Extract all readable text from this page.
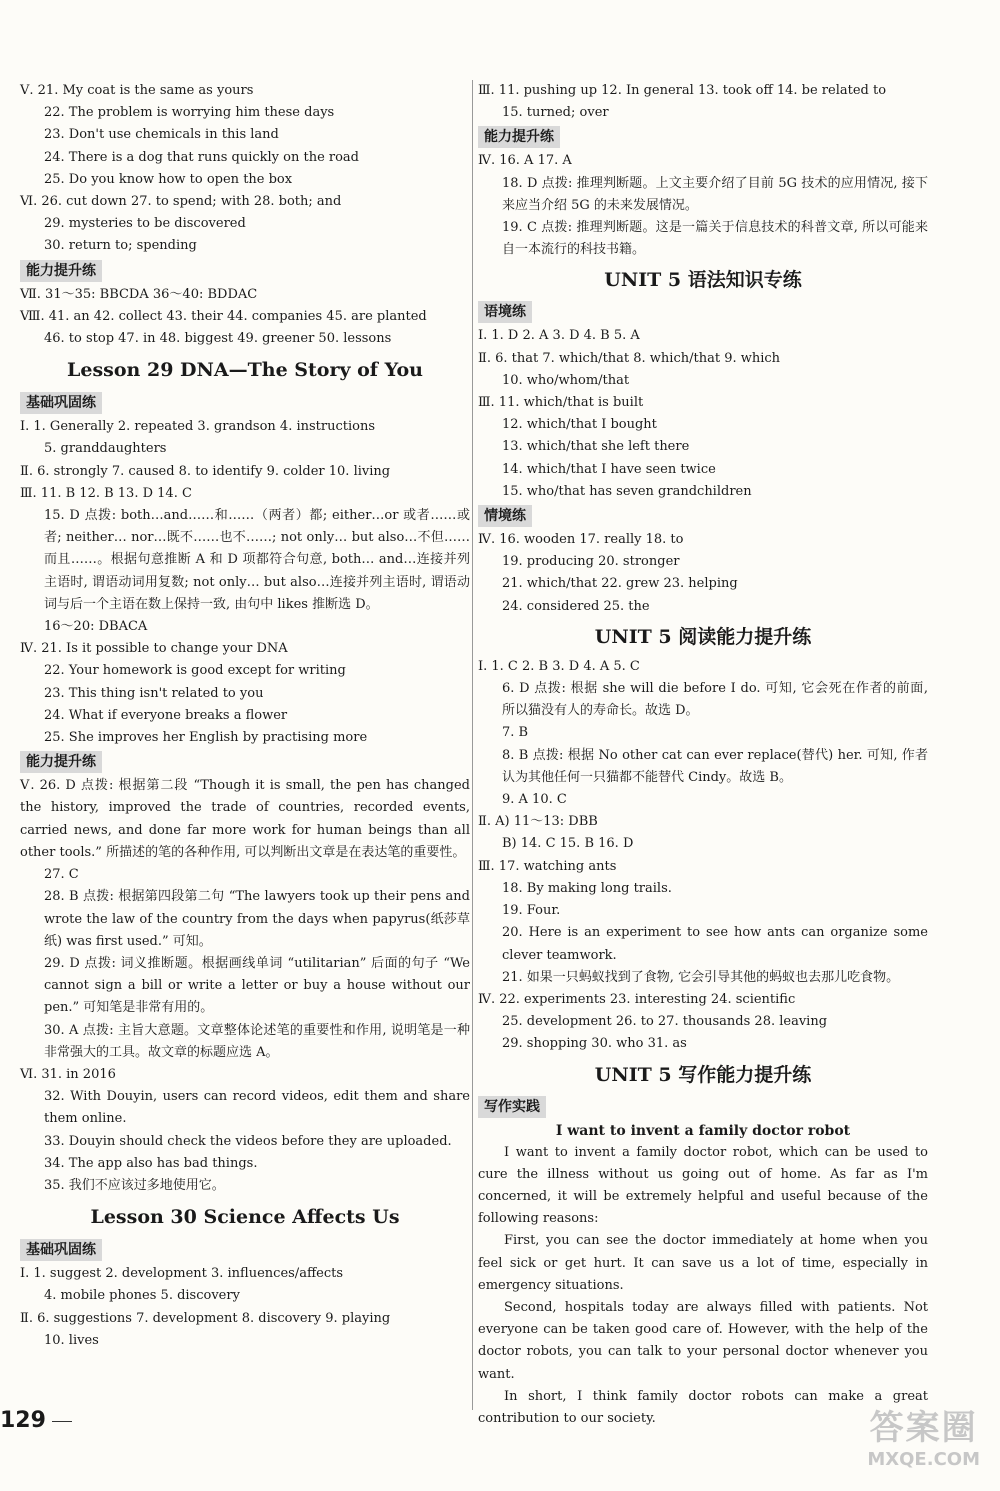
Ⅴ. 21. My coat is the same as yours
22. The problem is worrying him these days
23. Don't use chemicals in this land
24. There is a dog that runs quickly on the road
25. Do you know how to open the box
Ⅵ. 26. cut down 27. to spend; with 28. both; and
29. mysteries to be discovered
30. return to; spending
能力提升练
Ⅶ. 31～35: BBCDA 36～40: BDDAC
Ⅷ. 41. an 42. collect 43. their 44. companies 45. are planted
46. to stop 47. in 48. biggest 49. greener 50. lessons
Lesson 29 DNA—The Story of You
基础巩固练
Ⅰ. 1. Generally 2. repeated 3. grandson 4. instructions
5. granddaughters
Ⅱ. 6. strongly 7. caused 8. to identify 9. colder 10. living
Ⅲ. 11. B 12. B 13. D 14. C
15. D 点拨: both…and……和……（两者）都; either…or 或者……或者; neither… nor…既不……也不……; not only… but also…不但……而且……。根据句意推断 A 和 D 项都符合句意, both… and…连接并列主语时, 谓语动词用复数; not only… but also…连接并列主语时, 谓语动词与后一个主语在数上保持一致, 由句中 likes 推断选 D。
16～20: DBACA
Ⅳ. 21. Is it possible to change your DNA
22. Your homework is good except for writing
23. This thing isn't related to you
24. What if everyone breaks a flower
25. She improves her English by practising more
能力提升练
Ⅴ. 26. D 点拨: 根据第二段 “Though it is small, the pen has changed the history, improved the trade of countries, recorded events, carried news, and done far more work for human beings than all other tools.” 所描述的笔的各种作用, 可以判断出文章是在表达笔的重要性。
27. C
28. B 点拨: 根据第四段第二句 “The lawyers took up their pens and wrote the law of the country from the days when papyrus(纸莎草纸) was first used.” 可知。
29. D 点拨: 词义推断题。根据画线单词 “utilitarian” 后面的句子 “We cannot sign a bill or write a letter or buy a house without our pen.” 可知笔是非常有用的。
30. A 点拨: 主旨大意题。文章整体论述笔的重要性和作用, 说明笔是一种非常强大的工具。故文章的标题应选 A。
Ⅵ. 31. in 2016
32. With Douyin, users can record videos, edit them and share them online.
33. Douyin should check the videos before they are uploaded.
34. The app also has bad things.
35. 我们不应该过多地使用它。
Lesson 30 Science Affects Us
基础巩固练
Ⅰ. 1. suggest 2. development 3. influences/affects
4. mobile phones 5. discovery
Ⅱ. 6. suggestions 7. development 8. discovery 9. playing
10. lives
Ⅲ. 11. pushing up 12. In general 13. took off 14. be related to
15. turned; over
能力提升练
Ⅳ. 16. A 17. A
18. D 点拨: 推理判断题。上文主要介绍了目前 5G 技术的应用情况, 接下来应当介绍 5G 的未来发展情况。
19. C 点拨: 推理判断题。这是一篇关于信息技术的科普文章, 所以可能来自一本流行的科技书籍。
UNIT 5 语法知识专练
语境练
Ⅰ. 1. D 2. A 3. D 4. B 5. A
Ⅱ. 6. that 7. which/that 8. which/that 9. which
10. who/whom/that
Ⅲ. 11. which/that is built
12. which/that I bought
13. which/that she left there
14. which/that I have seen twice
15. who/that has seven grandchildren
情境练
Ⅳ. 16. wooden 17. really 18. to
19. producing 20. stronger
21. which/that 22. grew 23. helping
24. considered 25. the
UNIT 5 阅读能力提升练
Ⅰ. 1. C 2. B 3. D 4. A 5. C
6. D 点拨: 根据 she will die before I do. 可知, 它会死在作者的前面, 所以猫没有人的寿命长。故选 D。
7. B
8. B 点拨: 根据 No other cat can ever replace(替代) her. 可知, 作者认为其他任何一只猫都不能替代 Cindy。故选 B。
9. A 10. C
Ⅱ. A) 11～13: DBB
B) 14. C 15. B 16. D
Ⅲ. 17. watching ants
18. By making long trails.
19. Four.
20. Here is an experiment to see how ants can organize some clever teamwork.
21. 如果一只蚂蚁找到了食物, 它会引导其他的蚂蚁也去那儿吃食物。
Ⅳ. 22. experiments 23. interesting 24. scientific
25. development 26. to 27. thousands 28. leaving
29. shopping 30. who 31. as
UNIT 5 写作能力提升练
写作实践
I want to invent a family doctor robot
I want to invent a family doctor robot, which can be used to cure the illness without us going out of home. As far as I'm concerned, it will be extremely helpful and useful because of the following reasons:
First, you can see the doctor immediately at home when you feel sick or get hurt. It can save us a lot of time, especially in emergency situations.
Second, hospitals today are always filled with patients. Not everyone can be taken good care of. However, with the help of the doctor robots, you can talk to your personal doctor whenever you want.
In short, I think family doctor robots can make a great contribution to our society.
129	答案圈
MXQE.COM
